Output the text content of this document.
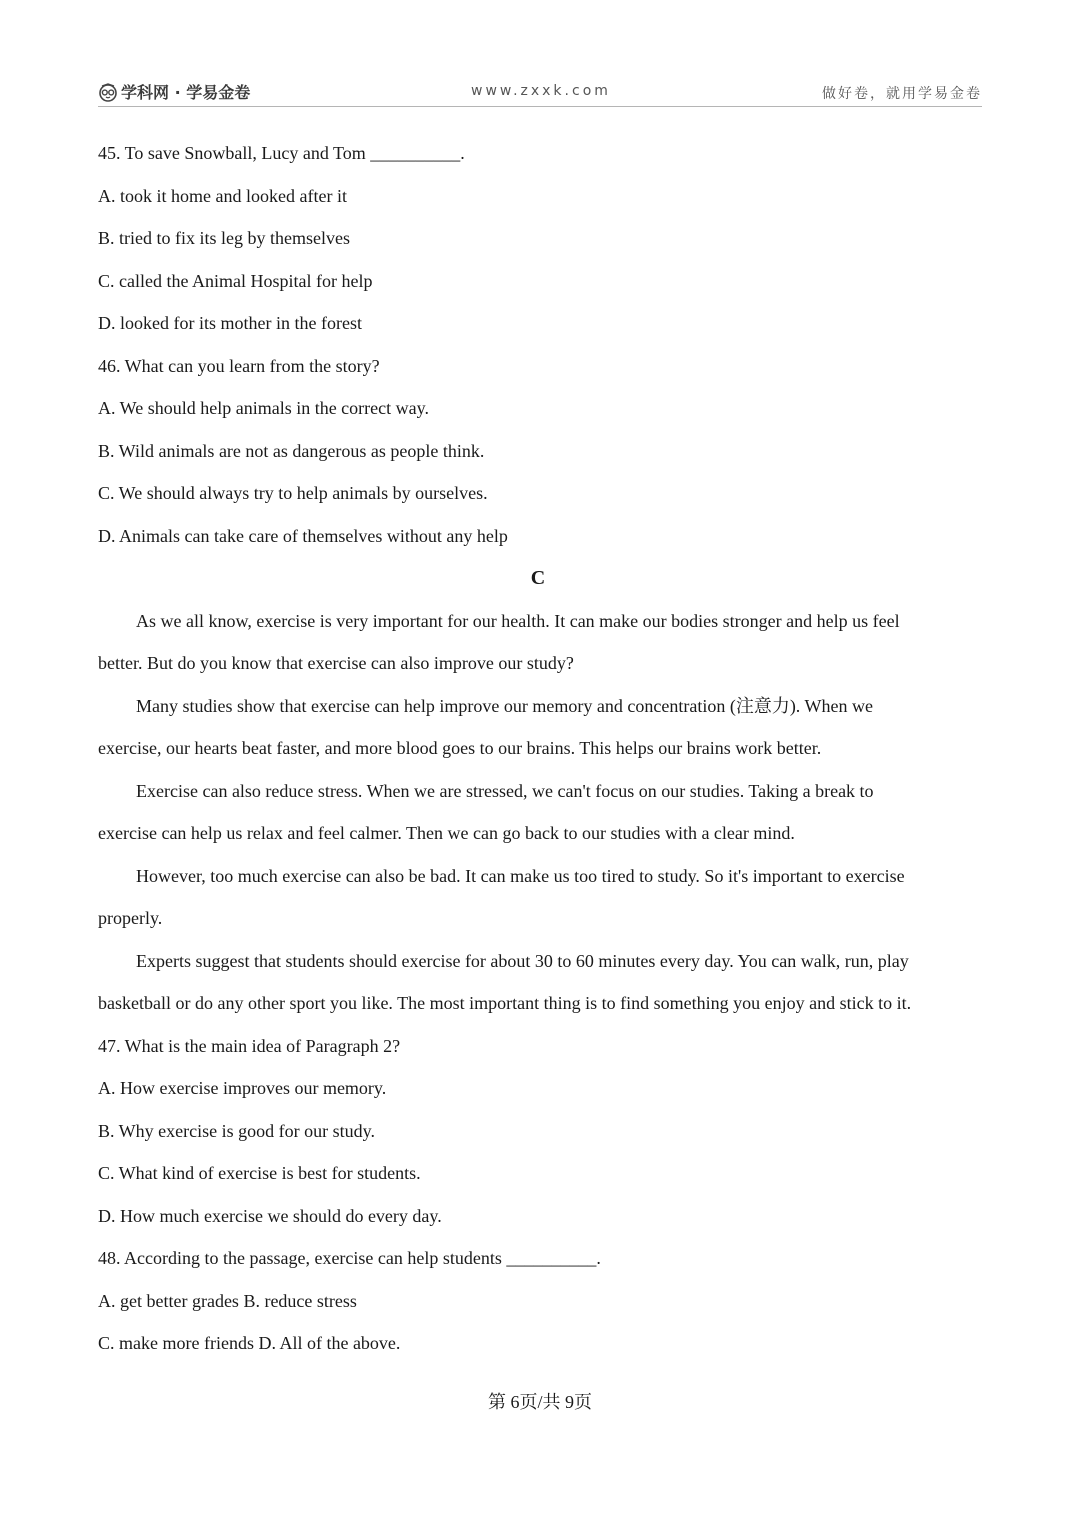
学科网 · 学易金卷	www.zxxk.com	做好卷，就用学易金卷
45. To save Snowball, Lucy and Tom __________.
A. took it home and looked after it
B. tried to fix its leg by themselves
C. called the Animal Hospital for help
D. looked for its mother in the forest
46. What can you learn from the story?
A. We should help animals in the correct way.
B. Wild animals are not as dangerous as people think.
C. We should always try to help animals by ourselves.
D. Animals can take care of themselves without any help
C
As we all know, exercise is very important for our health. It can make our bodies stronger and help us feel
better. But do you know that exercise can also improve our study?
Many studies show that exercise can help improve our memory and concentration (注意力). When we
exercise, our hearts beat faster, and more blood goes to our brains. This helps our brains work better.
Exercise can also reduce stress. When we are stressed, we can't focus on our studies. Taking a break to
exercise can help us relax and feel calmer. Then we can go back to our studies with a clear mind.
However, too much exercise can also be bad. It can make us too tired to study. So it's important to exercise
properly.
Experts suggest that students should exercise for about 30 to 60 minutes every day. You can walk, run, play
basketball or do any other sport you like. The most important thing is to find something you enjoy and stick to it.
47. What is the main idea of Paragraph 2?
A. How exercise improves our memory.
B. Why exercise is good for our study.
C. What kind of exercise is best for students.
D. How much exercise we should do every day.
48. According to the passage, exercise can help students __________.
A. get better grades B. reduce stress
C. make more friends D. All of the above.
第 6页/共 9页
